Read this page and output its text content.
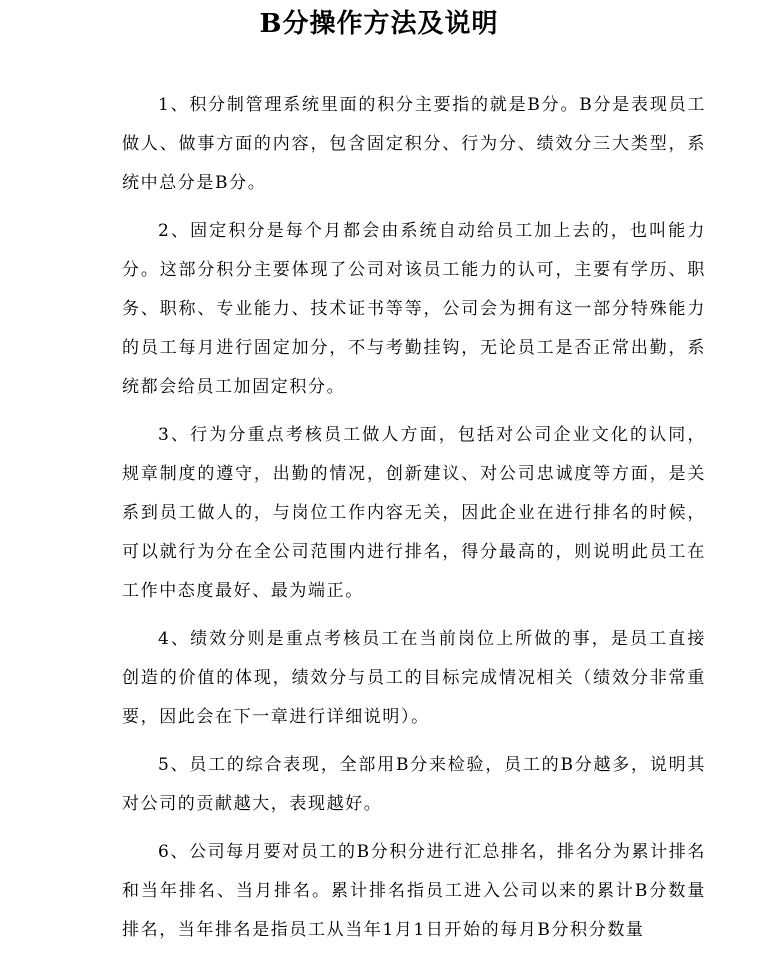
B分操作方法及说明

1、积分制管理系统里面的积分主要指的就是B分。B分是表现员工做人、做事方面的内容，包含固定积分、行为分、绩效分三大类型，系统中总分是B分。

2、固定积分是每个月都会由系统自动给员工加上去的，也叫能力分。这部分积分主要体现了公司对该员工能力的认可，主要有学历、职务、职称、专业能力、技术证书等等，公司会为拥有这一部分特殊能力的员工每月进行固定加分，不与考勤挂钩，无论员工是否正常出勤，系统都会给员工加固定积分。

3、行为分重点考核员工做人方面，包括对公司企业文化的认同，规章制度的遵守，出勤的情况，创新建议、对公司忠诚度等方面，是关系到员工做人的，与岗位工作内容无关，因此企业在进行排名的时候，可以就行为分在全公司范围内进行排名，得分最高的，则说明此员工在工作中态度最好、最为端正。

4、绩效分则是重点考核员工在当前岗位上所做的事，是员工直接创造的价值的体现，绩效分与员工的目标完成情况相关（绩效分非常重要，因此会在下一章进行详细说明）。

5、员工的综合表现，全部用B分来检验，员工的B分越多，说明其对公司的贡献越大，表现越好。

6、公司每月要对员工的B分积分进行汇总排名，排名分为累计排名和当年排名、当月排名。累计排名指员工进入公司以来的累计B分数量排名，当年排名是指员工从当年1月1日开始的每月B分积分数量
